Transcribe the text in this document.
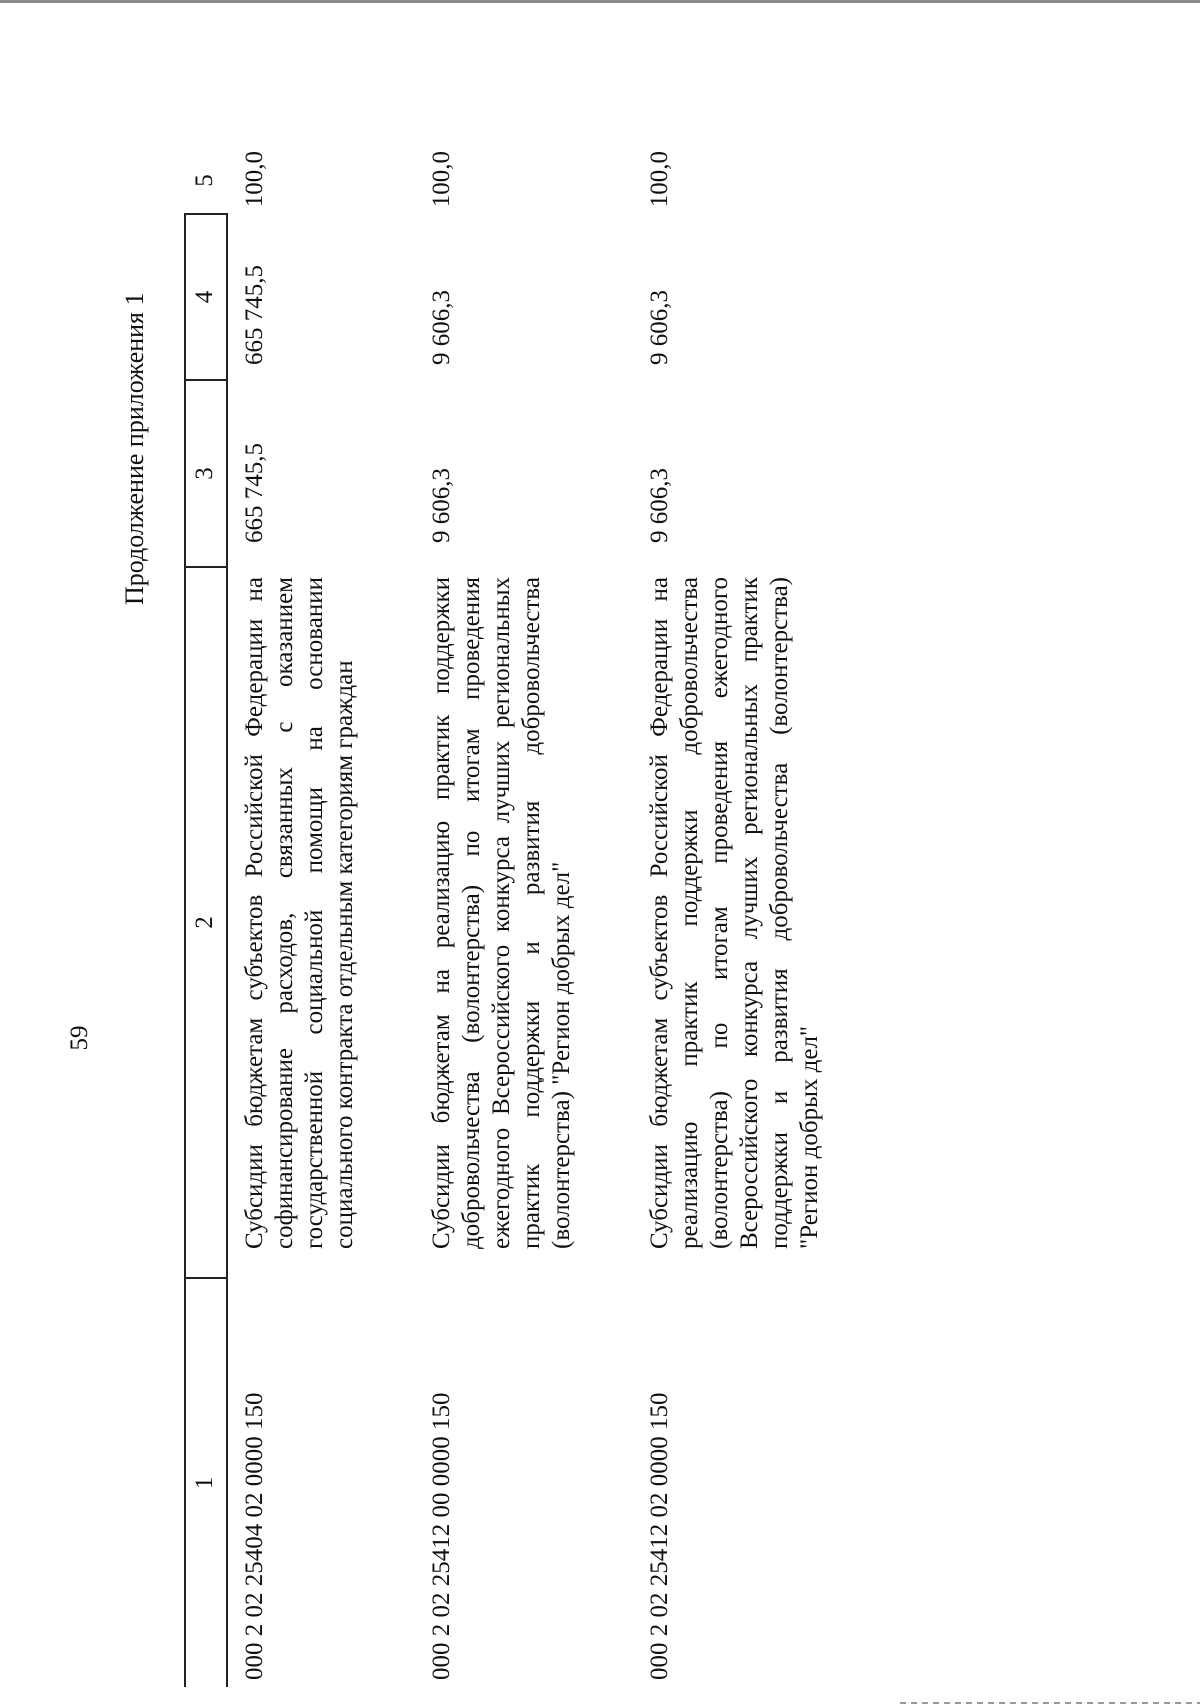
59
Продолжение приложения 1
1
2
3
4
5
000 2 02 25404 02 0000 150
Субсидии бюджетам субъектов Российской Федерации на софинансирование расходов, связанных с оказанием государственной социальной помощи на основании социального контракта отдельным категориям граждан
665 745,5
665 745,5
100,0
000 2 02 25412 00 0000 150
Субсидии бюджетам на реализацию практик поддержки добровольчества (волонтерства) по итогам проведения ежегодного Всероссийского конкурса лучших региональных практик поддержки и развития добровольчества (волонтерства) "Регион добрых дел"
9 606,3
9 606,3
100,0
000 2 02 25412 02 0000 150
Субсидии бюджетам субъектов Российской Федерации на реализацию практик поддержки добровольчества (волонтерства) по итогам проведения ежегодного Всероссийского конкурса лучших региональных практик поддержки и развития добровольчества (волонтерства) "Регион добрых дел"
9 606,3
9 606,3
100,0
